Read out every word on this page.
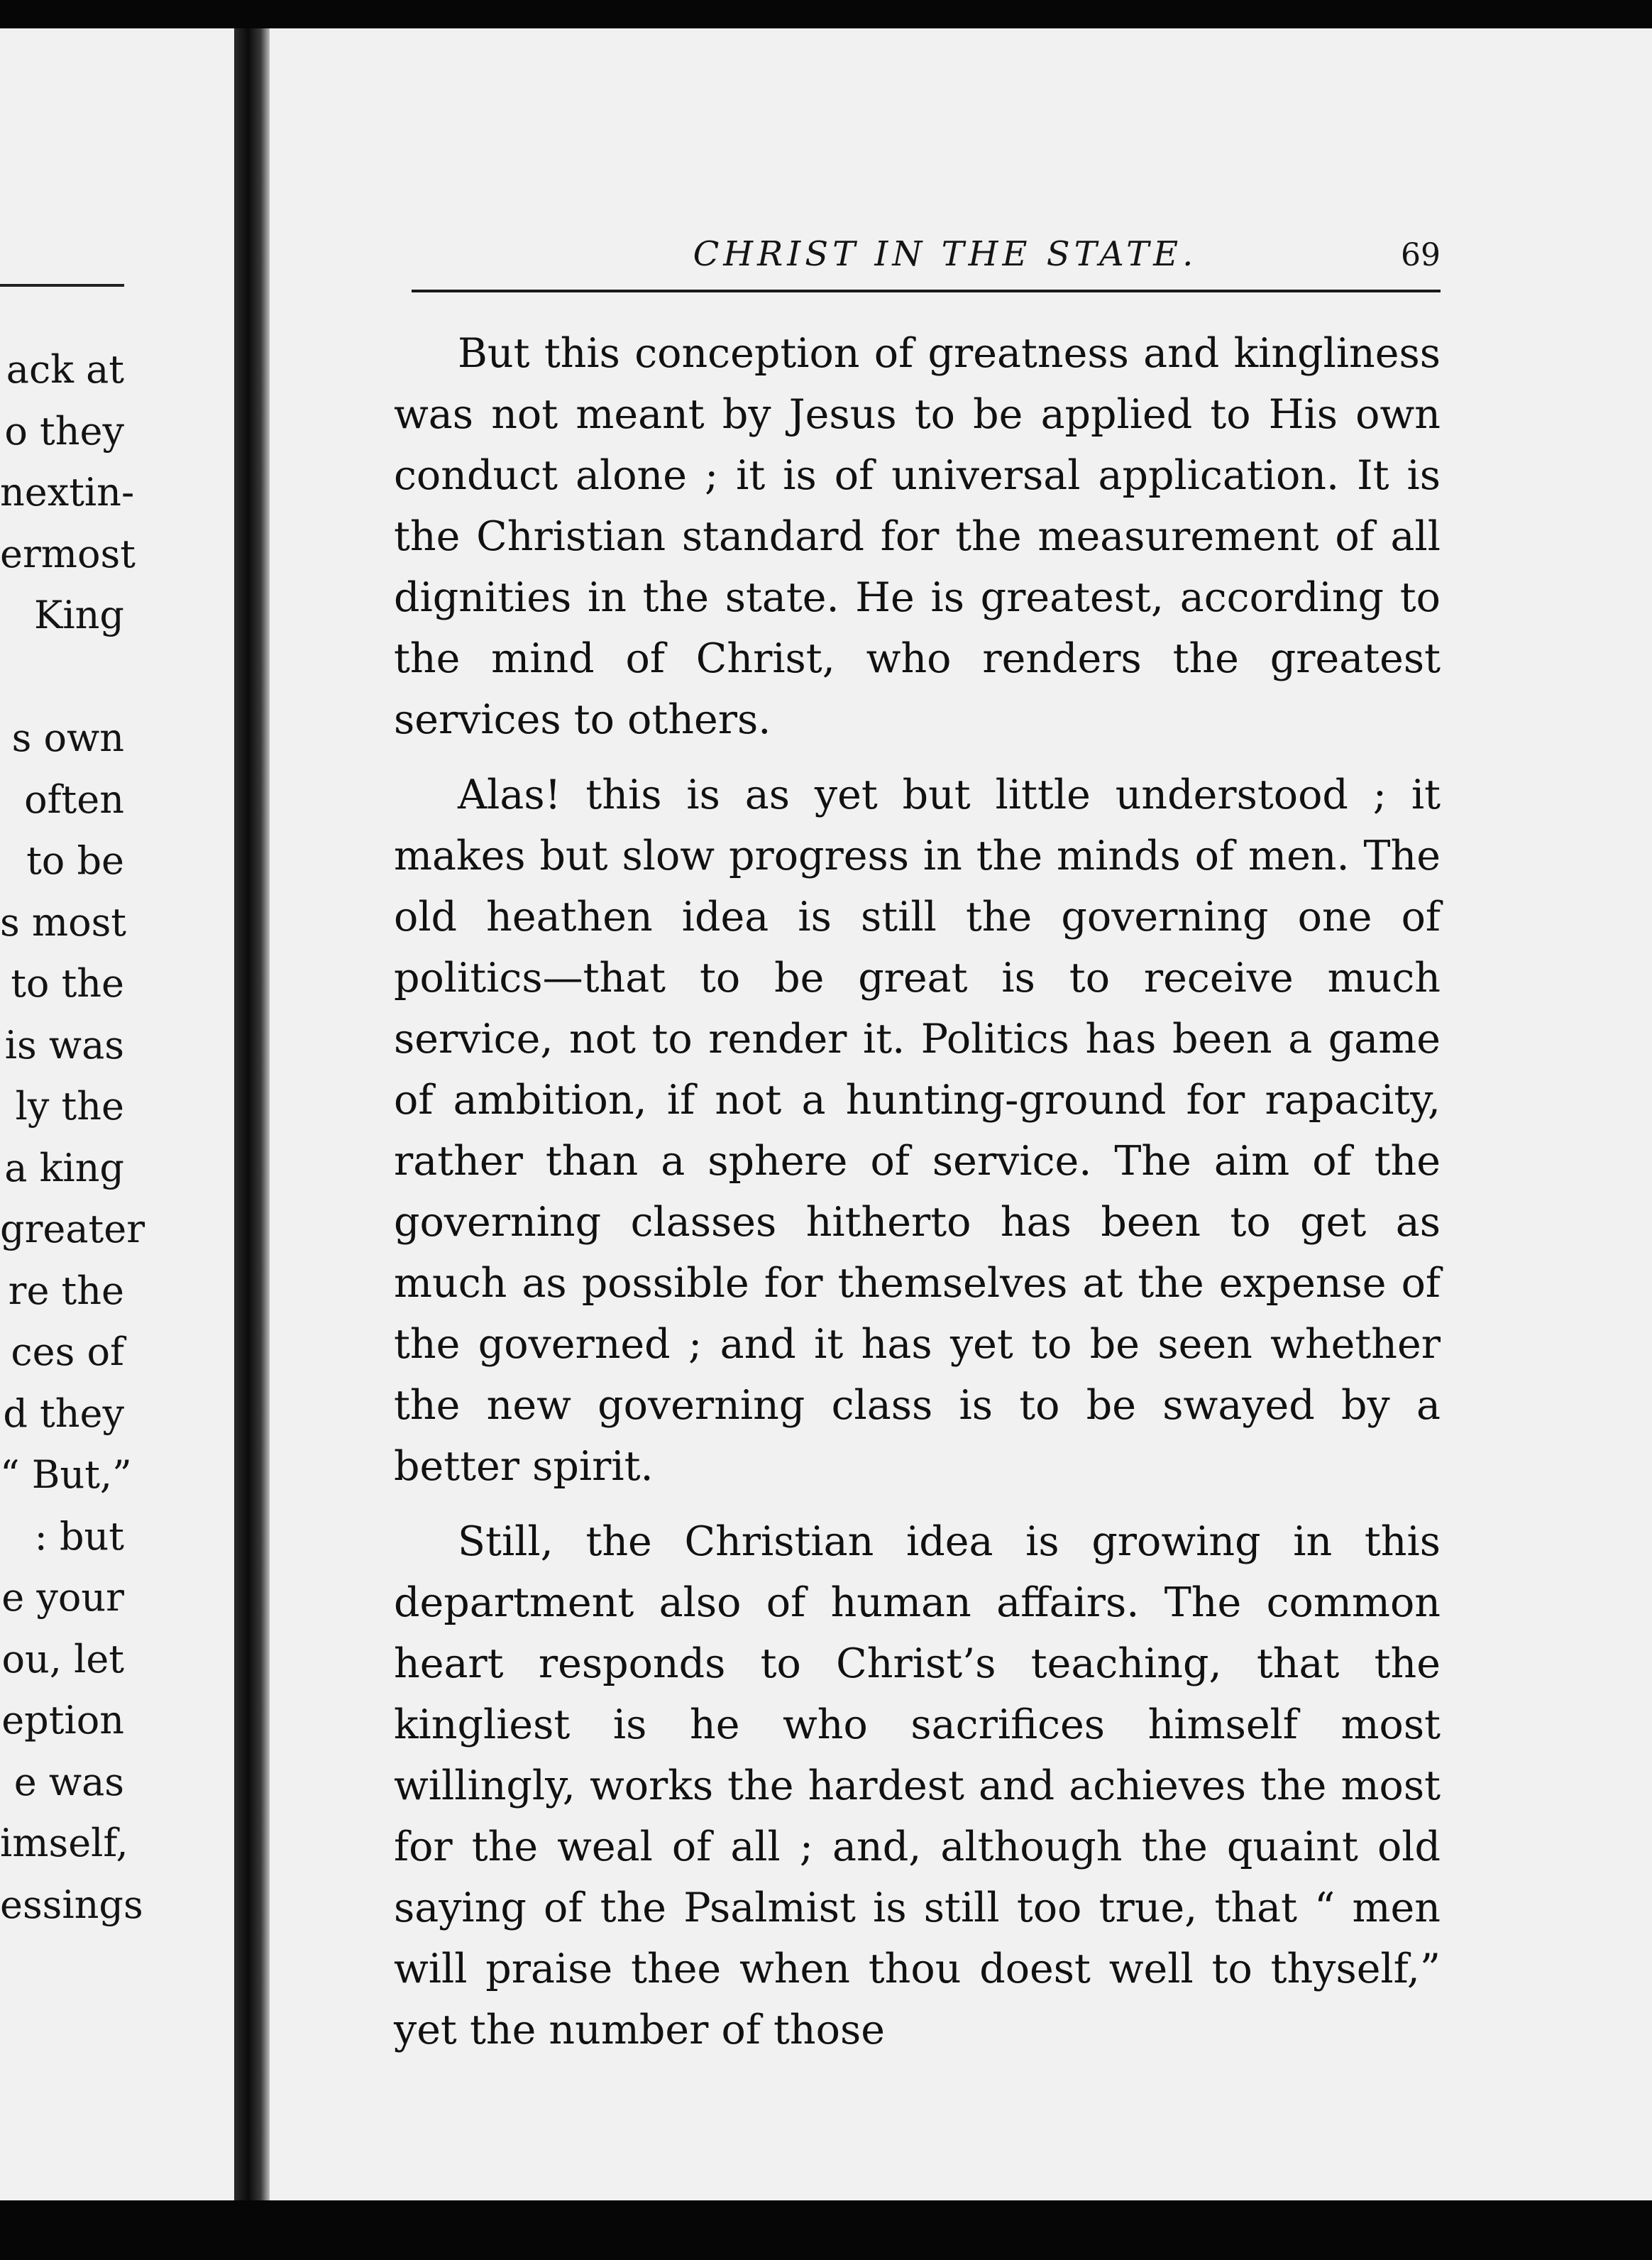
ack at
o they
nextin-
ermost
King

s own
often
to be
s most
to the
is was
ly the
a king
greater
re the
ces of
d they
“ But,”
: but
e your
ou, let
eption
e was
imself,
essings
CHRIST IN THE STATE.	69

But this conception of greatness and kingliness was not meant by Jesus to be applied to His own conduct alone ; it is of universal application. It is the Christian standard for the measurement of all dignities in the state. He is greatest, according to the mind of Christ, who renders the greatest services to others.

Alas! this is as yet but little understood ; it makes but slow progress in the minds of men. The old heathen idea is still the governing one of politics—that to be great is to receive much service, not to render it. Politics has been a game of ambition, if not a hunting-ground for rapacity, rather than a sphere of service. The aim of the governing classes hitherto has been to get as much as possible for themselves at the expense of the governed ; and it has yet to be seen whether the new governing class is to be swayed by a better spirit.

Still, the Christian idea is growing in this department also of human affairs. The common heart responds to Christ’s teaching, that the kingliest is he who sacrifices himself most willingly, works the hardest and achieves the most for the weal of all ; and, although the quaint old saying of the Psalmist is still too true, that “ men will praise thee when thou doest well to thyself,” yet the number of those
